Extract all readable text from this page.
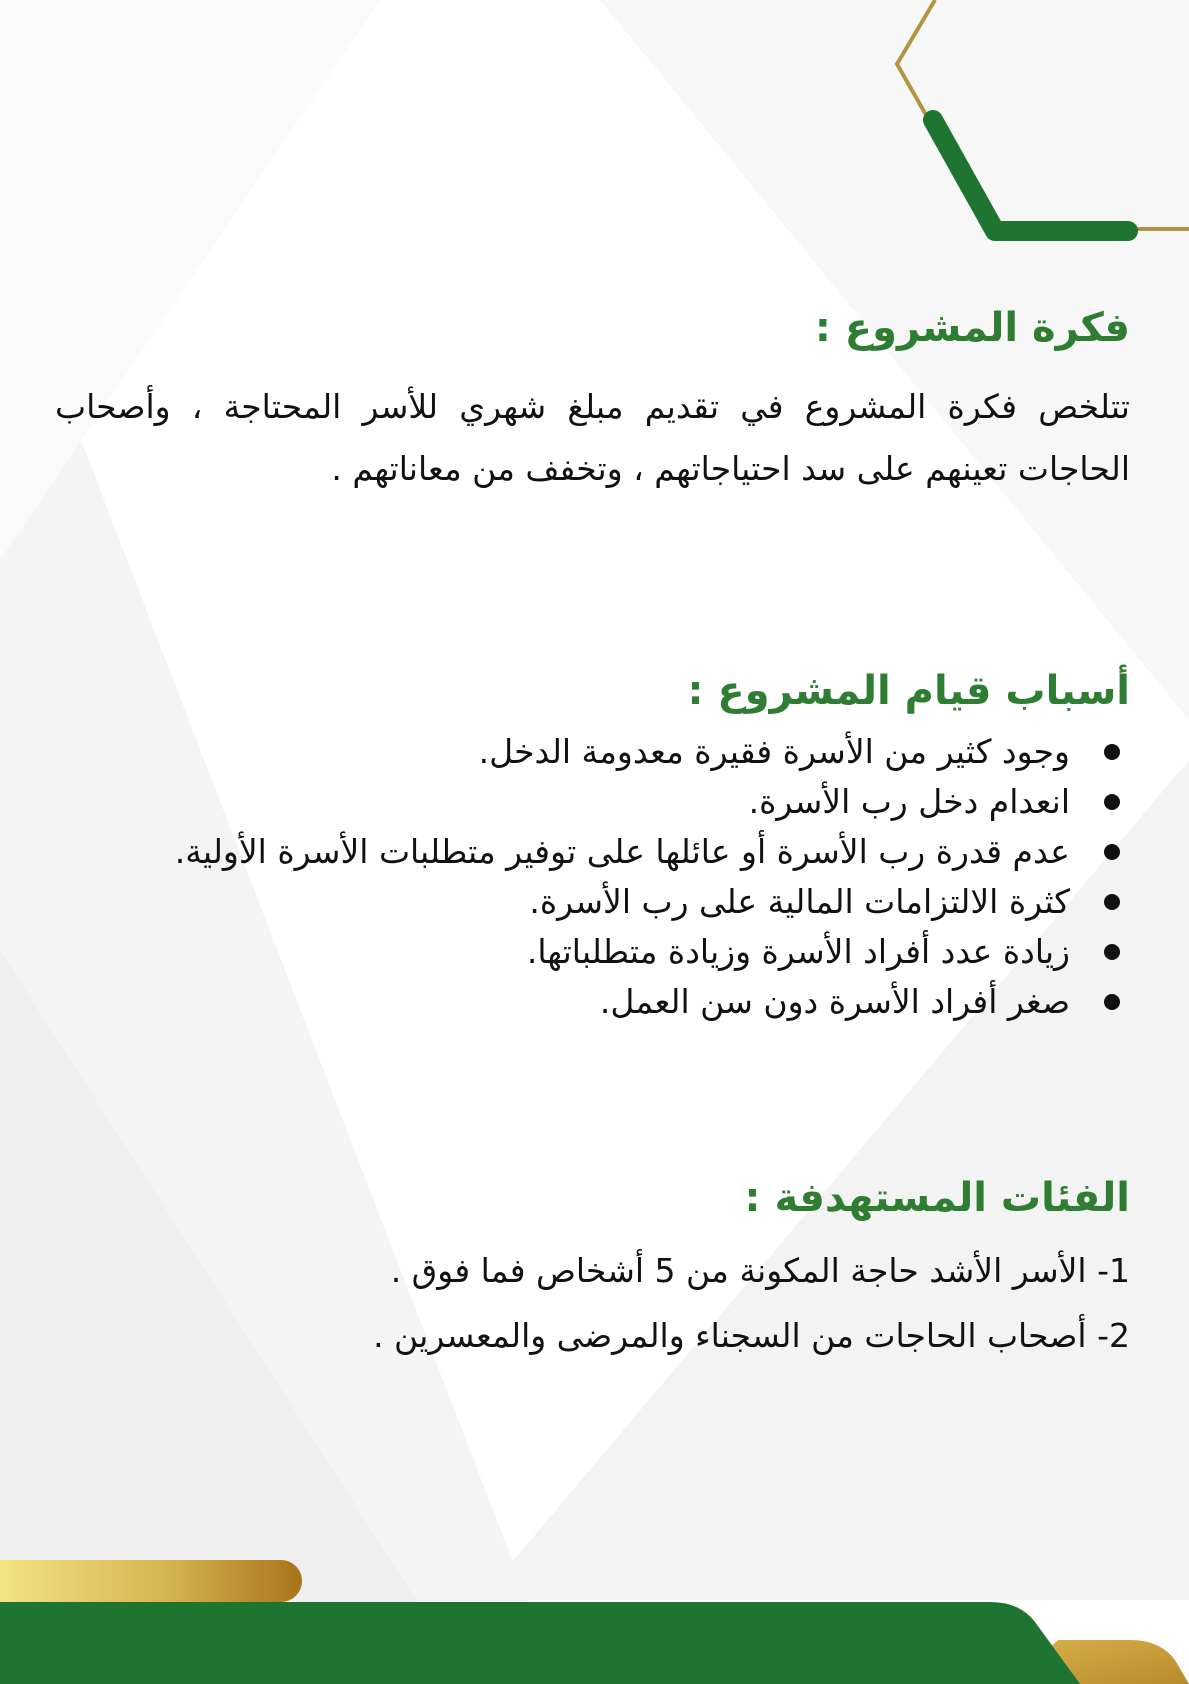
فكرة المشروع :

تتلخص فكرة المشروع في تقديم مبلغ شهري للأسر المحتاجة ، وأصحاب الحاجات تعينهم على سد احتياجاتهم ، وتخفف من معاناتهم .

أسباب قيام المشروع :
وجود كثير من الأسرة فقيرة معدومة الدخل.
انعدام دخل رب الأسرة.
عدم قدرة رب الأسرة أو عائلها على توفير متطلبات الأسرة الأولية.
كثرة الالتزامات المالية على رب الأسرة.
زيادة عدد أفراد الأسرة وزيادة متطلباتها.
صغر أفراد الأسرة دون سن العمل.
الفئات المستهدفة :
1- الأسر الأشد حاجة المكونة من 5 أشخاص فما فوق .
2- أصحاب الحاجات من السجناء والمرضى والمعسرين .
